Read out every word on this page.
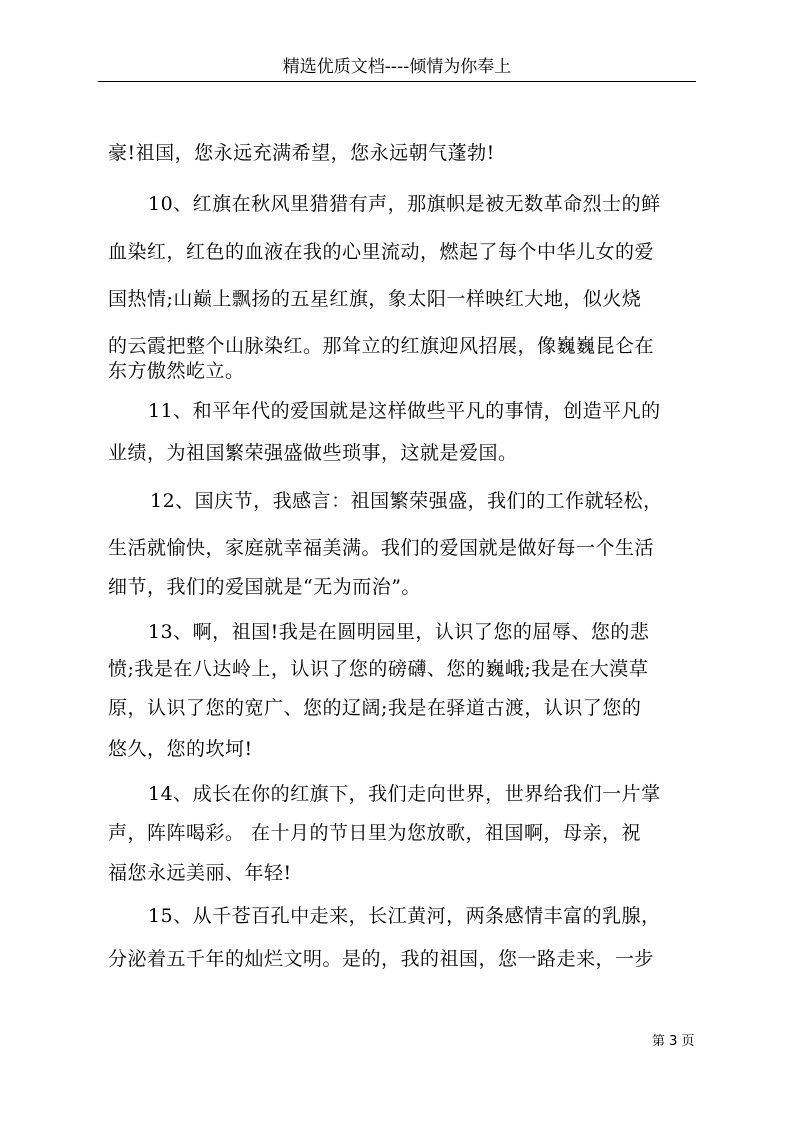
精选优质文档----倾情为你奉上
豪!祖国，您永远充满希望，您永远朝气蓬勃!
10、红旗在秋风里猎猎有声，那旗帜是被无数革命烈士的鲜
血染红，红色的血液在我的心里流动，燃起了每个中华儿女的爱
国热情;山巅上飘扬的五星红旗，象太阳一样映红大地，似火烧
的云霞把整个山脉染红。那耸立的红旗迎风招展，像巍巍昆仑在
东方傲然屹立。
11、和平年代的爱国就是这样做些平凡的事情，创造平凡的
业绩，为祖国繁荣强盛做些琐事，这就是爱国。
12、国庆节，我感言：祖国繁荣强盛，我们的工作就轻松，
生活就愉快，家庭就幸福美满。我们的爱国就是做好每一个生活
细节，我们的爱国就是“无为而治”。
13、啊，祖国!我是在圆明园里，认识了您的屈辱、您的悲
愤;我是在八达岭上，认识了您的磅礴、您的巍峨;我是在大漠草
原，认识了您的宽广、您的辽阔;我是在驿道古渡，认识了您的
悠久，您的坎坷!
14、成长在你的红旗下，我们走向世界，世界给我们一片掌
声，阵阵喝彩。 在十月的节日里为您放歌，祖国啊，母亲，祝
福您永远美丽、年轻!
15、从千苍百孔中走来，长江黄河，两条感情丰富的乳腺，
分泌着五千年的灿烂文明。是的，我的祖国，您一路走来，一步
第 3 页
